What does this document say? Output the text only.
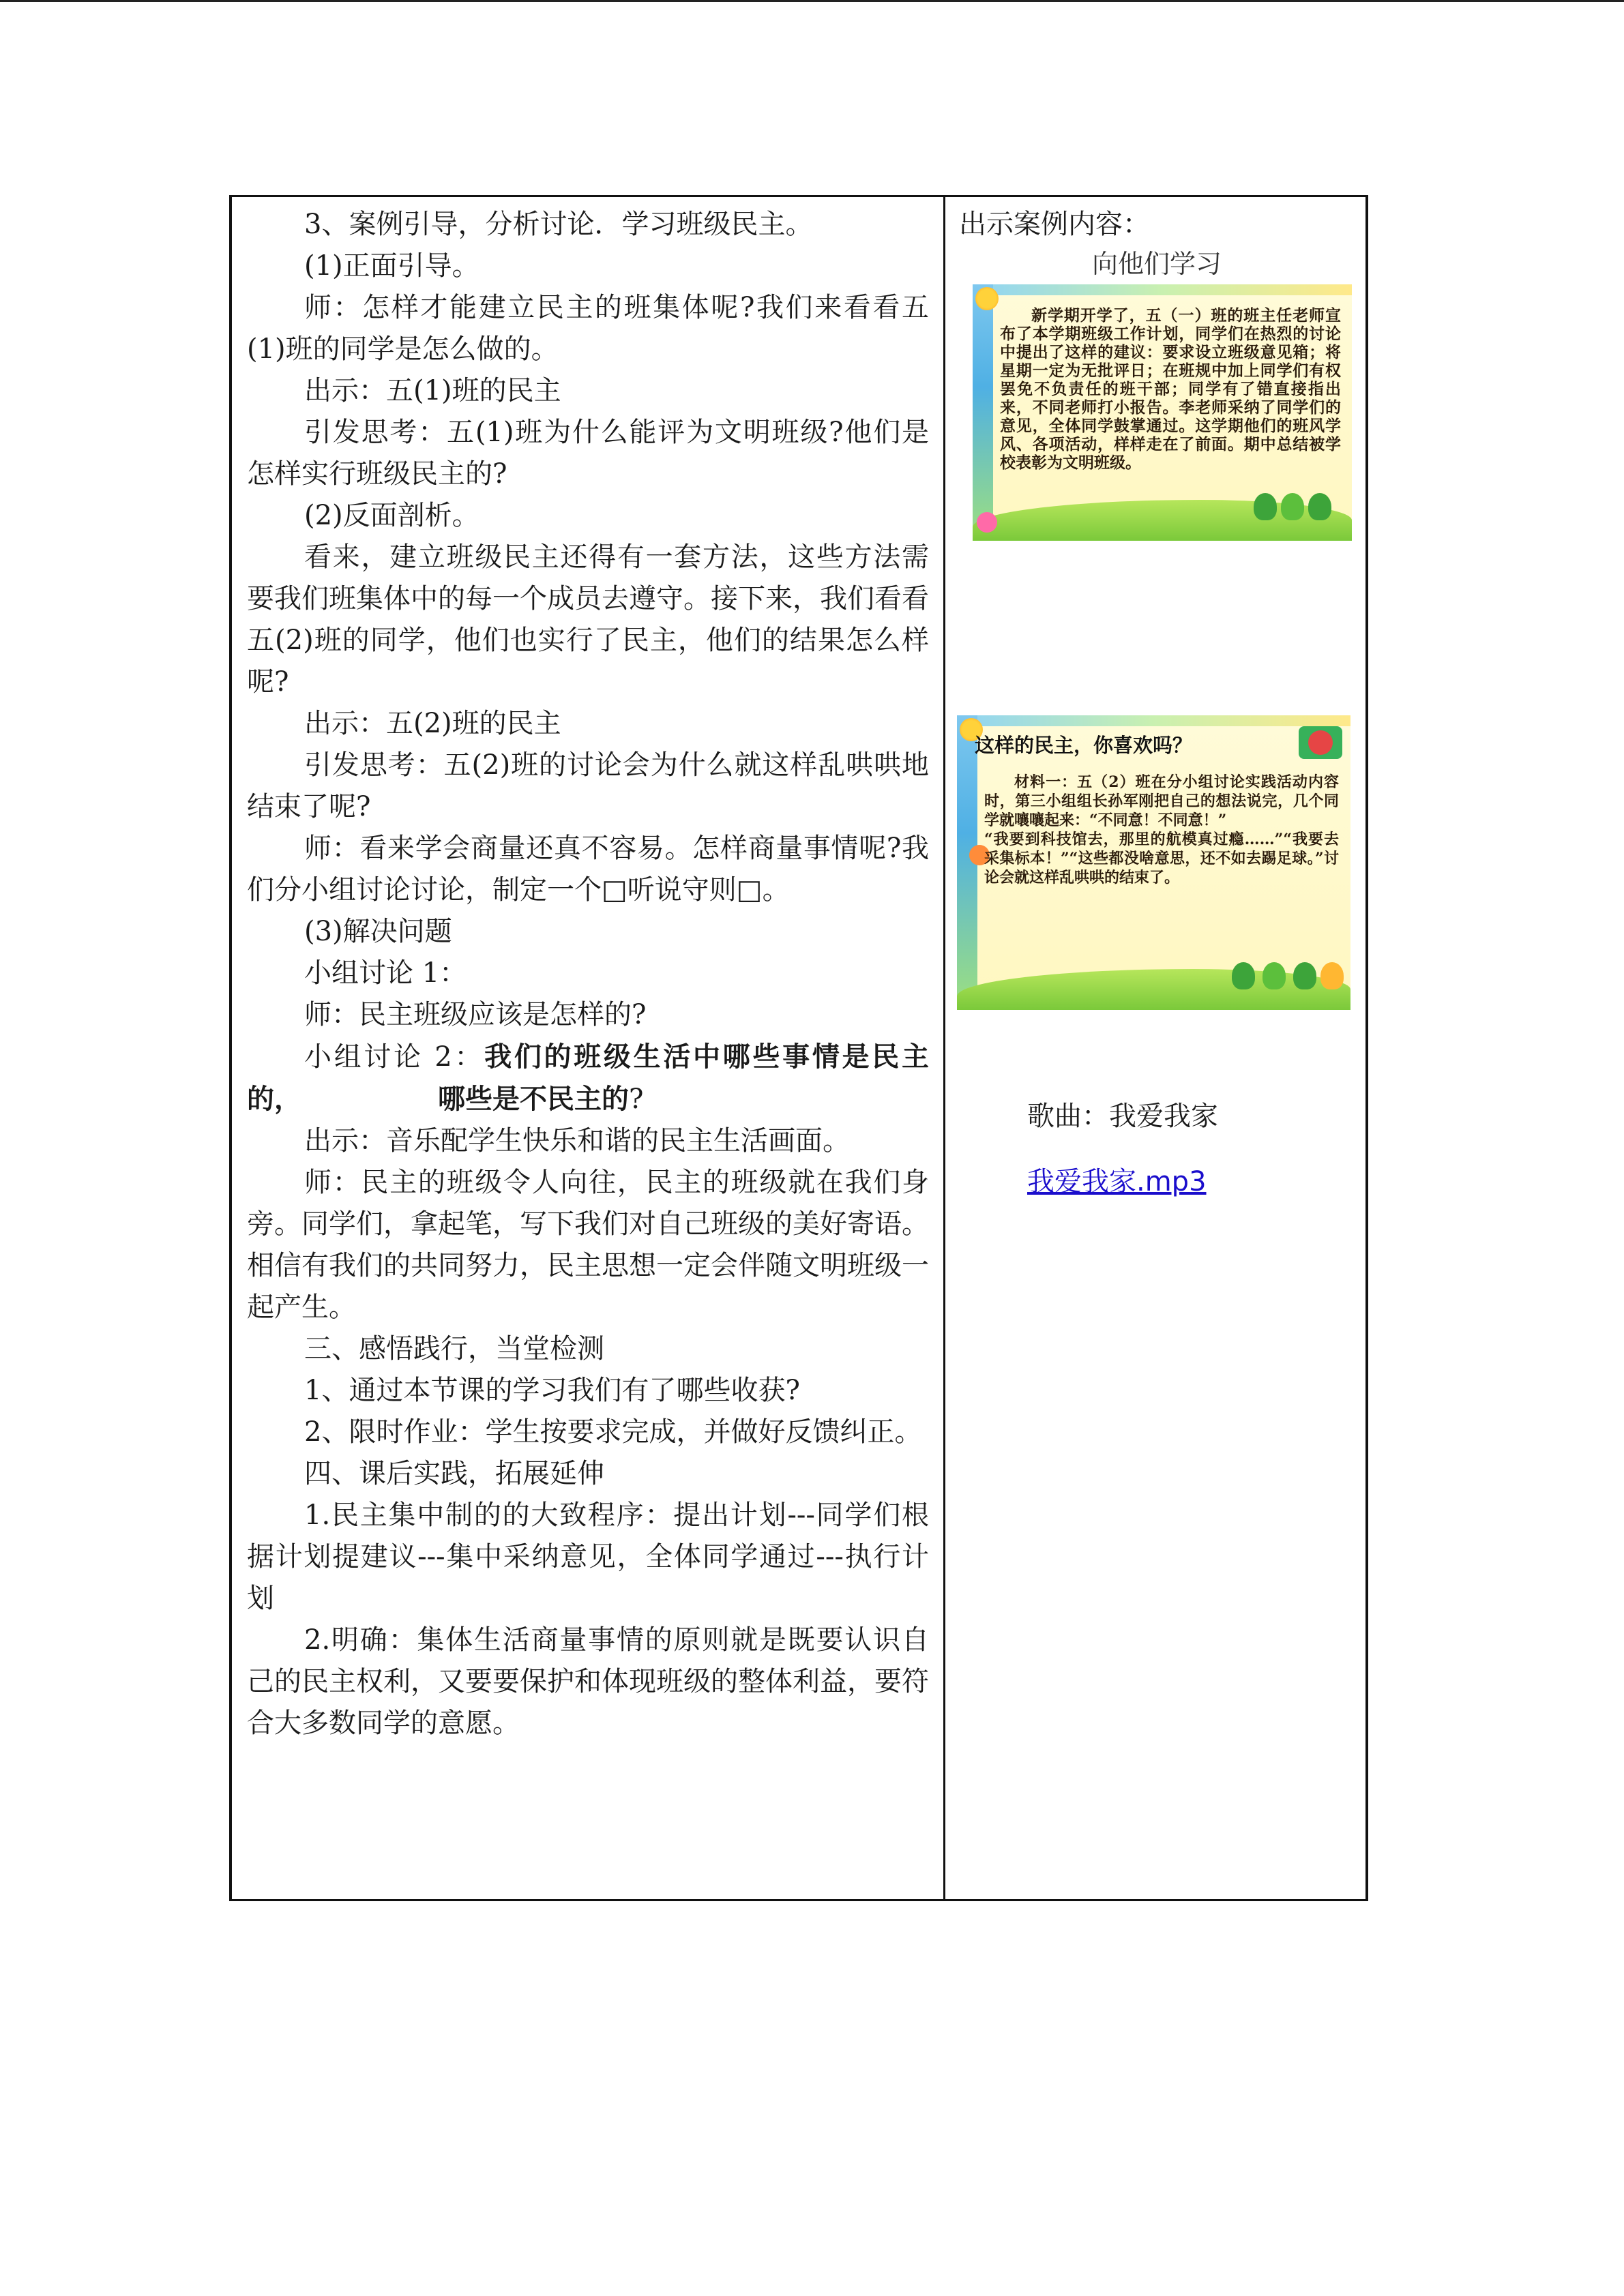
3、案例引导，分析讨论．学习班级民主。

(1)正面引导。

师：怎样才能建立民主的班集体呢?我们来看看五(1)班的同学是怎么做的。

出示：五(1)班的民主

引发思考：五(1)班为什么能评为文明班级?他们是怎样实行班级民主的?

(2)反面剖析。

看来，建立班级民主还得有一套方法，这些方法需要我们班集体中的每一个成员去遵守。接下来，我们看看五(2)班的同学，他们也实行了民主，他们的结果怎么样呢?

出示：五(2)班的民主

引发思考：五(2)班的讨论会为什么就这样乱哄哄地结束了呢?

师：看来学会商量还真不容易。怎样商量事情呢?我们分小组讨论讨论，制定一个□听说守则□。

(3)解决问题

小组讨论 1：

师：民主班级应该是怎样的?

小组讨论 2：我们的班级生活中哪些事情是民主的，	哪些是不民主的?

出示：音乐配学生快乐和谐的民主生活画面。

师：民主的班级令人向往，民主的班级就在我们身旁。同学们，拿起笔，写下我们对自己班级的美好寄语。相信有我们的共同努力，民主思想一定会伴随文明班级一起产生。

三、感悟践行，当堂检测

1、通过本节课的学习我们有了哪些收获?

2、限时作业：学生按要求完成，并做好反馈纠正。

四、课后实践，拓展延伸

1.民主集中制的的大致程序：提出计划---同学们根据计划提建议---集中采纳意见，全体同学通过---执行计划

2.明确：集体生活商量事情的原则就是既要认识自己的民主权利，又要要保护和体现班级的整体利益，要符合大多数同学的意愿。

出示案例内容：

向他们学习

新学期开学了，五（一）班的班主任老师宣布了本学期班级工作计划，同学们在热烈的讨论中提出了这样的建议：要求设立班级意见箱；将星期一定为无批评日；在班规中加上同学们有权罢免不负责任的班干部；同学有了错直接指出来，不同老师打小报告。李老师采纳了同学们的意见，全体同学鼓掌通过。这学期他们的班风学风、各项活动，样样走在了前面。期中总结被学校表彰为文明班级。
这样的民主，你喜欢吗？
材料一：五（2）班在分小组讨论实践活动内容时，第三小组组长孙军刚把自己的想法说完，几个同学就嚷嚷起来：“不同意！不同意！”
“我要到科技馆去，那里的航模真过瘾……”“我要去采集标本！”“这些都没啥意思，还不如去踢足球。”讨论会就这样乱哄哄的结束了。
歌曲：我爱我家
我爱我家.mp3
